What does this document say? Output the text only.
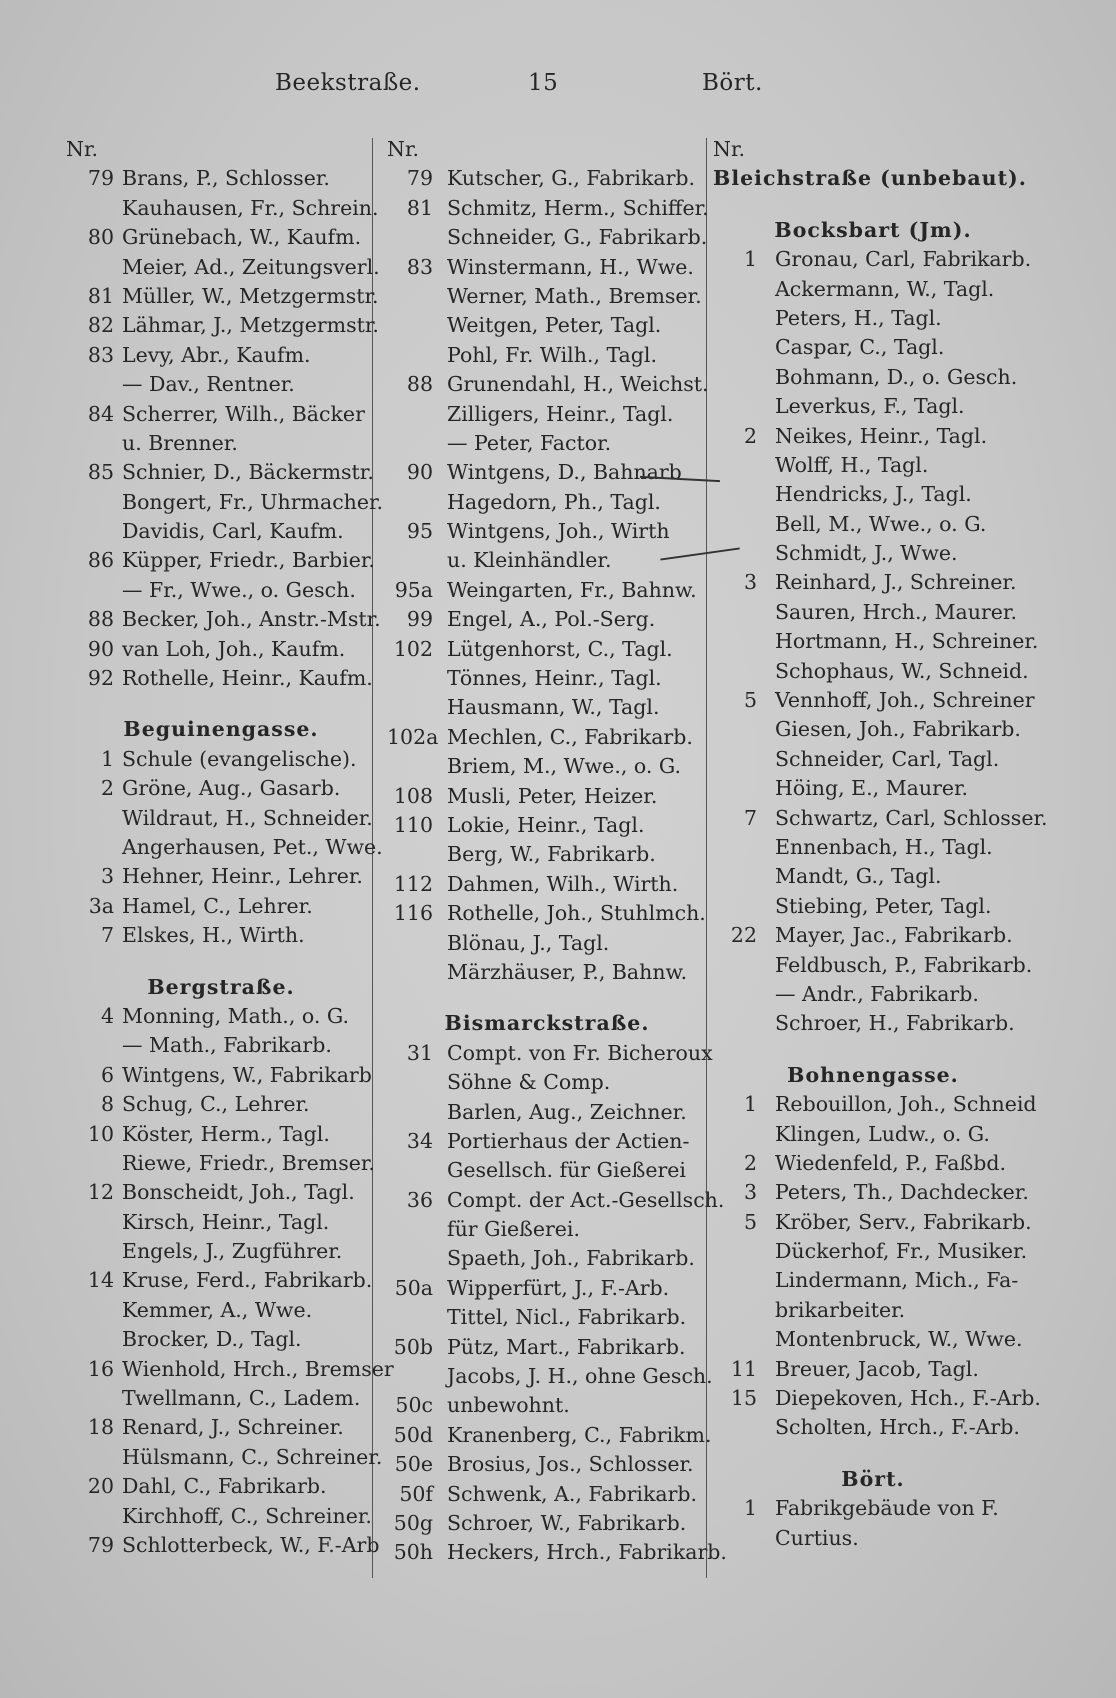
Beekstraße.	15	Bört.
Nr.
79 Brans, P., Schlosser.
Kauhausen, Fr., Schrein.
80 Grünebach, W., Kaufm.
Meier, Ad., Zeitungsverl.
81 Müller, W., Metzgermstr.
82 Lähmar, J., Metzgermstr.
83 Levy, Abr., Kaufm.
— Dav., Rentner.
84 Scherrer, Wilh., Bäcker
u. Brenner.
85 Schnier, D., Bäckermstr.
Bongert, Fr., Uhrmacher.
Davidis, Carl, Kaufm.
86 Küpper, Friedr., Barbier.
— Fr., Wwe., o. Gesch.
88 Becker, Joh., Anstr.-Mstr.
90 van Loh, Joh., Kaufm.
92 Rothelle, Heinr., Kaufm.
Beguinengasse.
1 Schule (evangelische).
2 Gröne, Aug., Gasarb.
Wildraut, H., Schneider.
Angerhausen, Pet., Wwe.
3 Hehner, Heinr., Lehrer.
3a Hamel, C., Lehrer.
7 Elskes, H., Wirth.
Bergstraße.
4 Monning, Math., o. G.
— Math., Fabrikarb.
6 Wintgens, W., Fabrikarb
8 Schug, C., Lehrer.
10 Köster, Herm., Tagl.
Riewe, Friedr., Bremser.
12 Bonscheidt, Joh., Tagl.
Kirsch, Heinr., Tagl.
Engels, J., Zugführer.
14 Kruse, Ferd., Fabrikarb.
Kemmer, A., Wwe.
Brocker, D., Tagl.
16 Wienhold, Hrch., Bremser
Twellmann, C., Ladem.
18 Renard, J., Schreiner.
Hülsmann, C., Schreiner.
20 Dahl, C., Fabrikarb.
Kirchhoff, C., Schreiner.
79 Schlotterbeck, W., F.-Arb
Nr.
79 Kutscher, G., Fabrikarb.
81 Schmitz, Herm., Schiffer.
Schneider, G., Fabrikarb.
83 Winstermann, H., Wwe.
Werner, Math., Bremser.
Weitgen, Peter, Tagl.
Pohl, Fr. Wilh., Tagl.
88 Grunendahl, H., Weichst.
Zilligers, Heinr., Tagl.
— Peter, Factor.
90 Wintgens, D., Bahnarb
Hagedorn, Ph., Tagl.
95 Wintgens, Joh., Wirth
u. Kleinhändler.
95a Weingarten, Fr., Bahnw.
99 Engel, A., Pol.-Serg.
102 Lütgenhorst, C., Tagl.
Tönnes, Heinr., Tagl.
Hausmann, W., Tagl.
102a Mechlen, C., Fabrikarb.
Briem, M., Wwe., o. G.
108 Musli, Peter, Heizer.
110 Lokie, Heinr., Tagl.
Berg, W., Fabrikarb.
112 Dahmen, Wilh., Wirth.
116 Rothelle, Joh., Stuhlmch.
Blönau, J., Tagl.
Märzhäuser, P., Bahnw.
Bismarckstraße.
31 Compt. von Fr. Bicheroux
Söhne & Comp.
Barlen, Aug., Zeichner.
34 Portierhaus der Actien-
Gesellsch. für Gießerei
36 Compt. der Act.-Gesellsch.
für Gießerei.
Spaeth, Joh., Fabrikarb.
50a Wipperfürt, J., F.-Arb.
Tittel, Nicl., Fabrikarb.
50b Pütz, Mart., Fabrikarb.
Jacobs, J. H., ohne Gesch.
50c unbewohnt.
50d Kranenberg, C., Fabrikm.
50e Brosius, Jos., Schlosser.
50f Schwenk, A., Fabrikarb.
50g Schroer, W., Fabrikarb.
50h Heckers, Hrch., Fabrikarb.
Nr.
Bleichstraße (unbebaut).
Bocksbart (Jm).
1 Gronau, Carl, Fabrikarb.
Ackermann, W., Tagl.
Peters, H., Tagl.
Caspar, C., Tagl.
Bohmann, D., o. Gesch.
Leverkus, F., Tagl.
2 Neikes, Heinr., Tagl.
Wolff, H., Tagl.
Hendricks, J., Tagl.
Bell, M., Wwe., o. G.
Schmidt, J., Wwe.
3 Reinhard, J., Schreiner.
Sauren, Hrch., Maurer.
Hortmann, H., Schreiner.
Schophaus, W., Schneid.
5 Vennhoff, Joh., Schreiner
Giesen, Joh., Fabrikarb.
Schneider, Carl, Tagl.
Höing, E., Maurer.
7 Schwartz, Carl, Schlosser.
Ennenbach, H., Tagl.
Mandt, G., Tagl.
Stiebing, Peter, Tagl.
22 Mayer, Jac., Fabrikarb.
Feldbusch, P., Fabrikarb.
— Andr., Fabrikarb.
Schroer, H., Fabrikarb.
Bohnengasse.
1 Rebouillon, Joh., Schneid
Klingen, Ludw., o. G.
2 Wiedenfeld, P., Faßbd.
3 Peters, Th., Dachdecker.
5 Kröber, Serv., Fabrikarb.
Dückerhof, Fr., Musiker.
Lindermann, Mich., Fa-
brikarbeiter.
Montenbruck, W., Wwe.
11 Breuer, Jacob, Tagl.
15 Diepekoven, Hch., F.-Arb.
Scholten, Hrch., F.-Arb.
Bört.
1 Fabrikgebäude von F.
Curtius.
